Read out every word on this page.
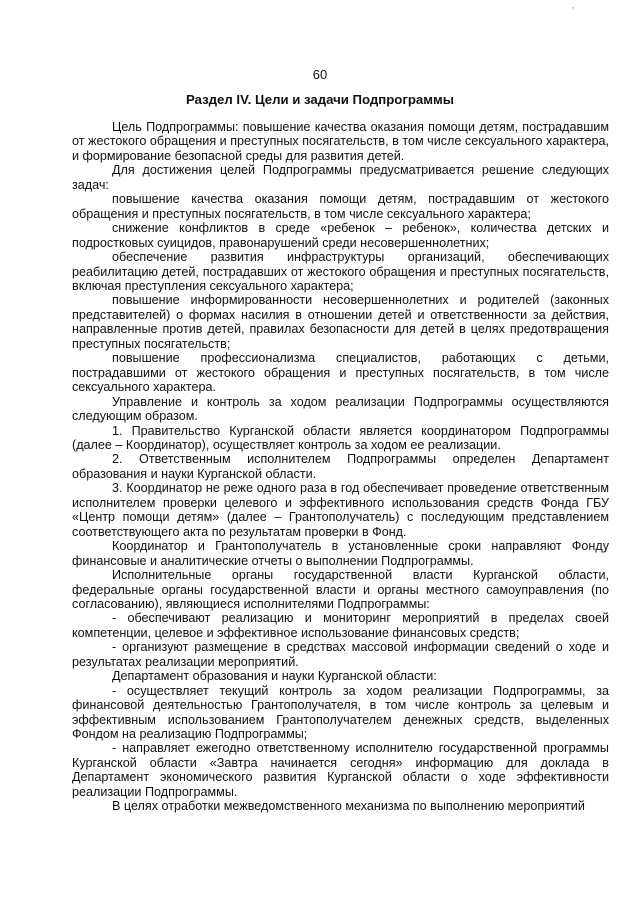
'
60
Раздел IV. Цели и задачи Подпрограммы

Цель Подпрограммы: повышение качества оказания помощи детям, пострадавшим от жестокого обращения и преступных посягательств, в том числе сексуального характера, и формирование безопасной среды для развития детей.

Для достижения целей Подпрограммы предусматривается решение следующих задач:

повышение качества оказания помощи детям, пострадавшим от жестокого обращения и преступных посягательств, в том числе сексуального характера;

снижение конфликтов в среде «ребенок – ребенок», количества детских и подростковых суицидов, правонарушений среди несовершеннолетних;

обеспечение развития инфраструктуры организаций, обеспечивающих реабилитацию детей, пострадавших от жестокого обращения и преступных посягательств, включая преступления сексуального характера;

повышение информированности несовершеннолетних и родителей (законных представителей) о формах насилия в отношении детей и ответственности за действия, направленные против детей, правилах безопасности для детей в целях предотвращения преступных посягательств;

повышение профессионализма специалистов, работающих с детьми, пострадавшими от жестокого обращения и преступных посягательств, в том числе сексуального характера.

Управление и контроль за ходом реализации Подпрограммы осуществляются следующим образом.

1. Правительство Курганской области является координатором Подпрограммы (далее – Координатор), осуществляет контроль за ходом ее реализации.

2. Ответственным исполнителем Подпрограммы определен Департамент образования и науки Курганской области.

3. Координатор не реже одного раза в год обеспечивает проведение ответственным исполнителем проверки целевого и эффективного использования средств Фонда ГБУ «Центр помощи детям» (далее – Грантополучатель) с последующим представлением соответствующего акта по результатам проверки в Фонд.

Координатор и Грантополучатель в установленные сроки направляют Фонду финансовые и аналитические отчеты о выполнении Подпрограммы.

Исполнительные органы государственной власти Курганской области, федеральные органы государственной власти и органы местного самоуправления (по согласованию), являющиеся исполнителями Подпрограммы:

- обеспечивают реализацию и мониторинг мероприятий в пределах своей компетенции, целевое и эффективное использование финансовых средств;

- организуют размещение в средствах массовой информации сведений о ходе и результатах реализации мероприятий.

Департамент образования и науки Курганской области:

- осуществляет текущий контроль за ходом реализации Подпрограммы, за финансовой деятельностью Грантополучателя, в том числе контроль за целевым и эффективным использованием Грантополучателем денежных средств, выделенных Фондом на реализацию Подпрограммы;

- направляет ежегодно ответственному исполнителю государственной программы Курганской области «Завтра начинается сегодня» информацию для доклада в Департамент экономического развития Курганской области о ходе эффективности реализации Подпрограммы.

В целях отработки межведомственного механизма по выполнению мероприятий
